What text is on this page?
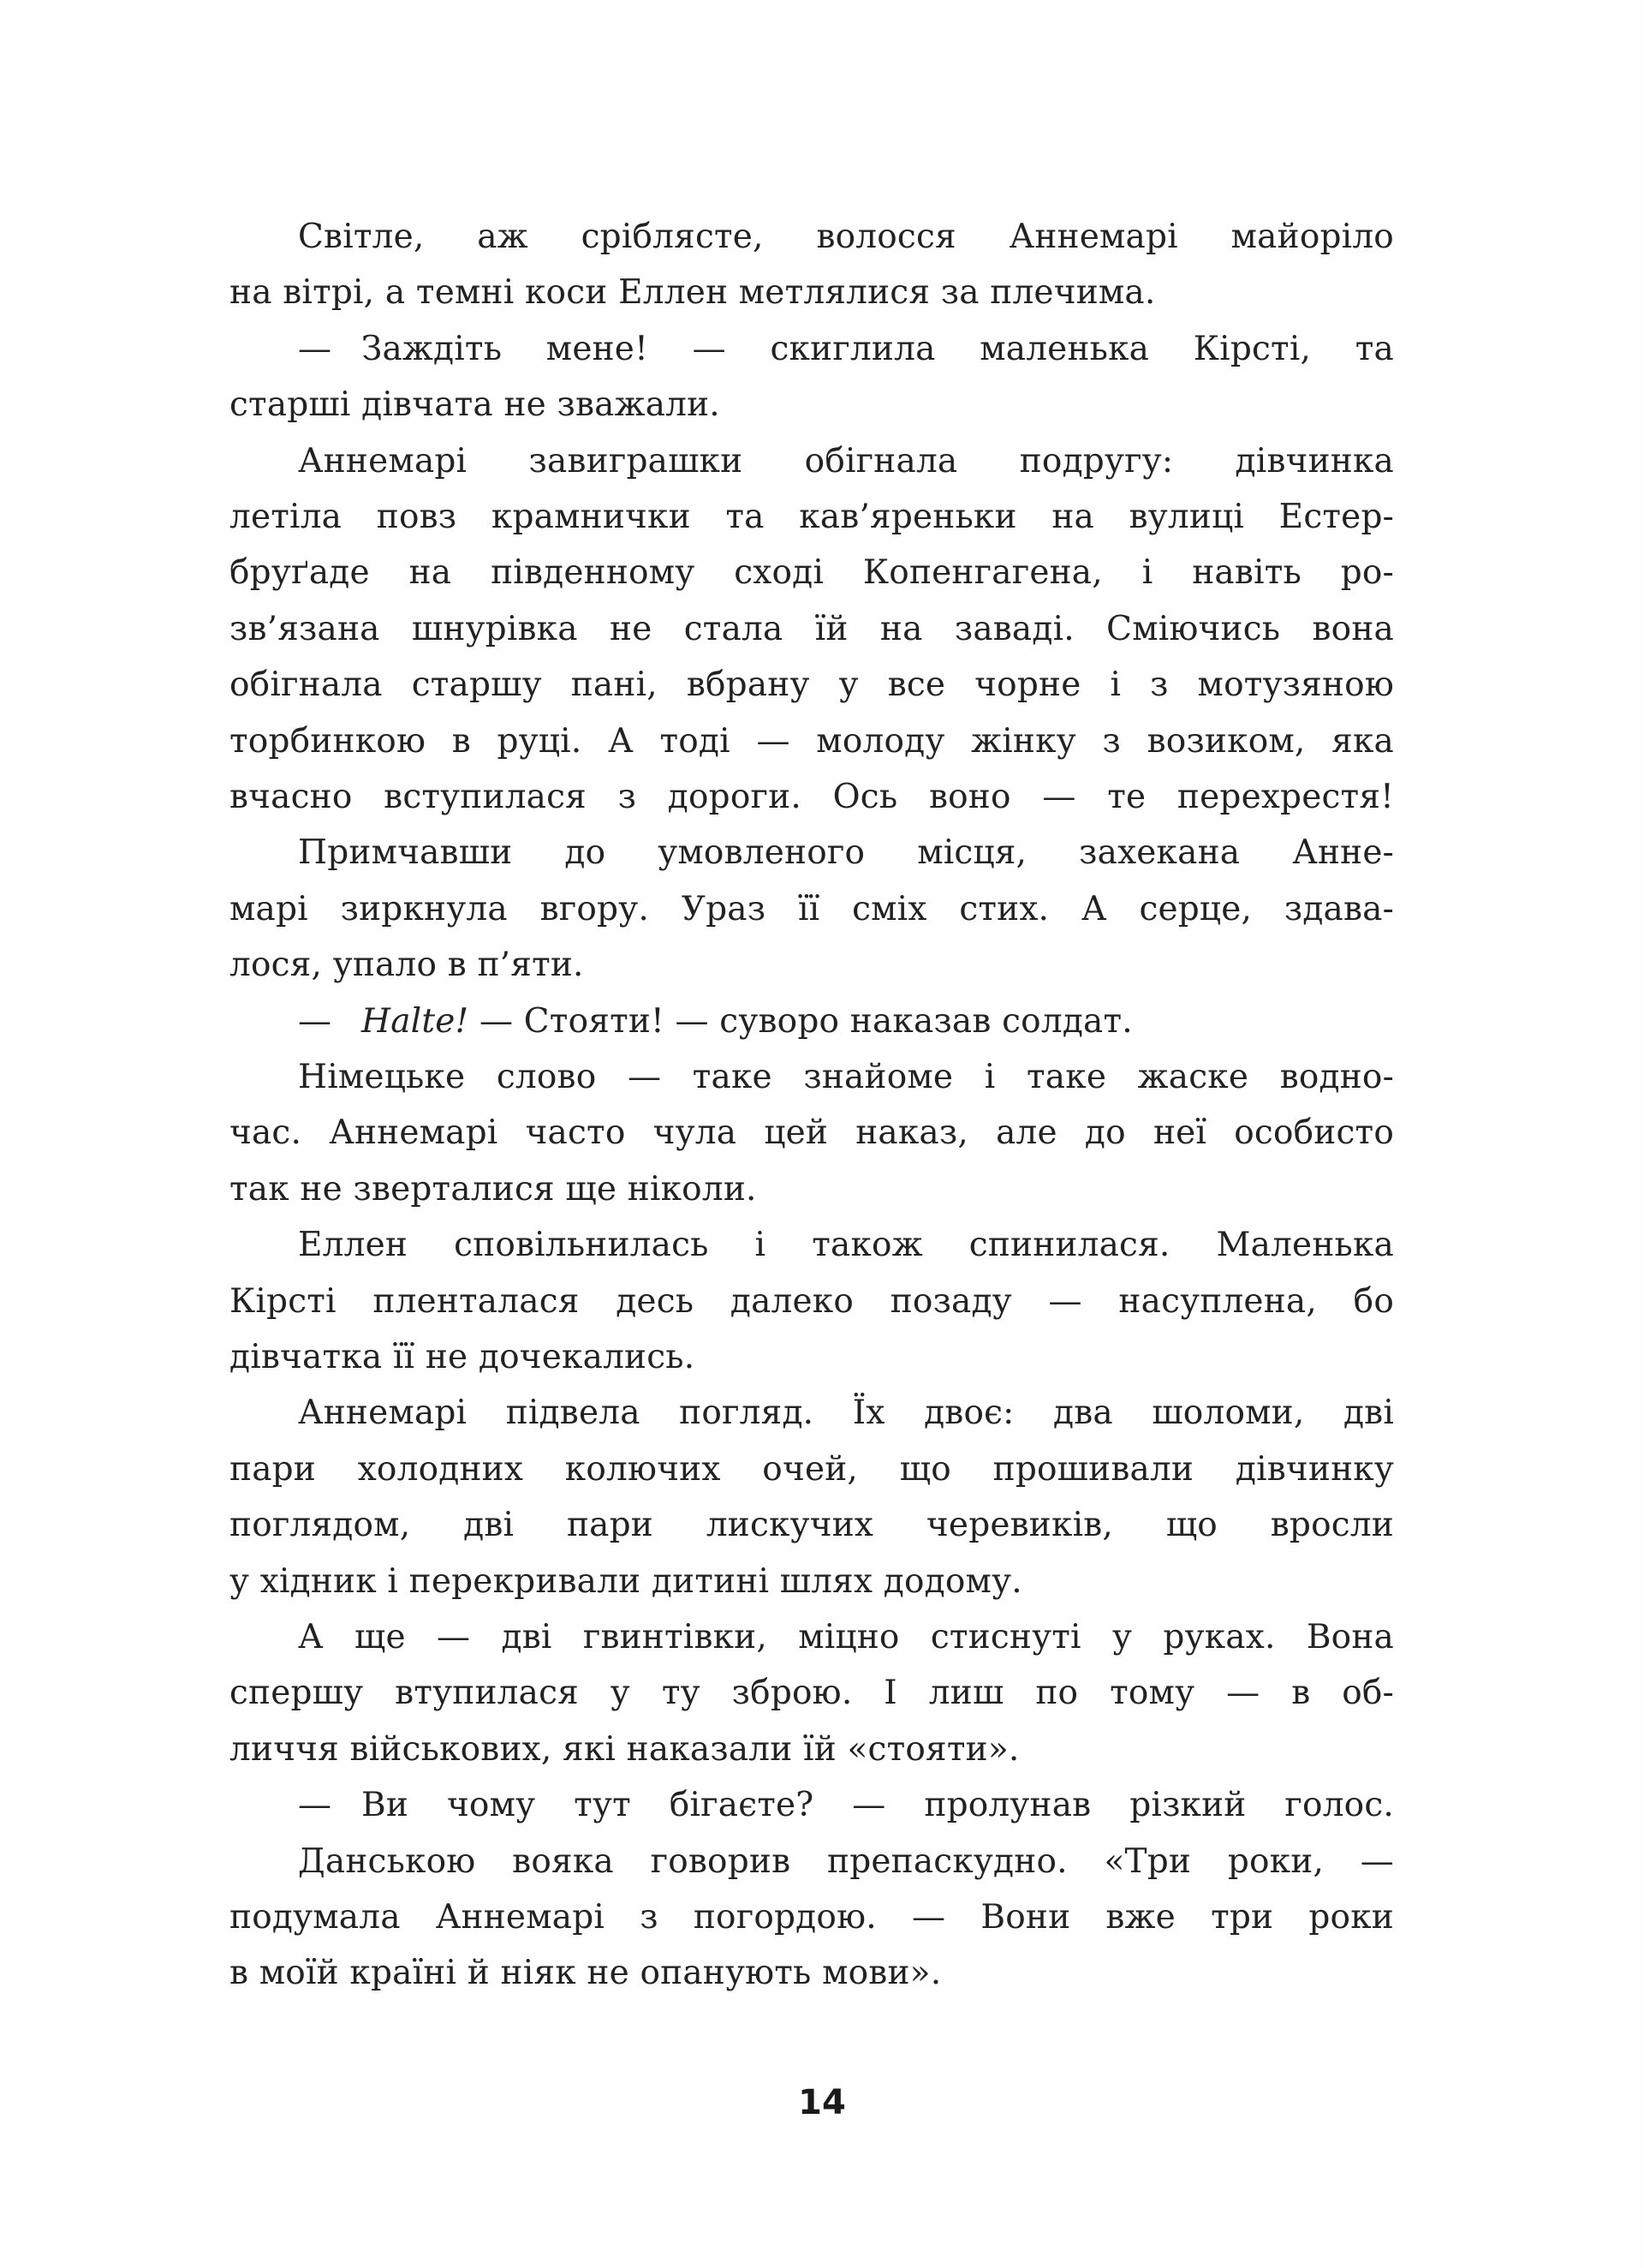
Світле, аж сріблясте, волосся Аннемарі майоріло
на вітрі, а темні коси Еллен метлялися за плечима.
— Заждіть мене! — скиглила маленька Кірсті, та
старші дівчата не зважали.
Аннемарі завиграшки обігнала подругу: дівчинка
летіла повз крамнички та кав’яреньки на вулиці Естер-
бруґаде на південному сході Копенгагена, і навіть ро-
зв’язана шнурівка не стала їй на заваді. Сміючись вона
обігнала старшу пані, вбрану у все чорне і з мотузяною
торбинкою в руці. А тоді — молоду жінку з возиком, яка
вчасно вступилася з дороги. Ось воно — те перехрестя!
Примчавши до умовленого місця, захекана Анне-
марі зиркнула вгору. Ураз її сміх стих. А серце, здава-
лося, упало в п’яти.
— Halte! — Стояти! — суворо наказав солдат.
Німецьке слово — таке знайоме і таке жаске водно-
час. Аннемарі часто чула цей наказ, але до неї особисто
так не зверталися ще ніколи.
Еллен сповільнилась і також спинилася. Маленька
Кірсті пленталася десь далеко позаду — насуплена, бо
дівчатка її не дочекались.
Аннемарі підвела погляд. Їх двоє: два шоломи, дві
пари холодних колючих очей, що прошивали дівчинку
поглядом, дві пари лискучих черевиків, що вросли
у хідник і перекривали дитині шлях додому.
А ще — дві гвинтівки, міцно стиснуті у руках. Вона
спершу втупилася у ту зброю. І лиш по тому — в об-
личчя військових, які наказали їй «стояти».
— Ви чому тут бігаєте? — пролунав різкий голос.
Данською вояка говорив препаскудно. «Три роки, —
подумала Аннемарі з погордою. — Вони вже три роки
в моїй країні й ніяк не опанують мови».
14
